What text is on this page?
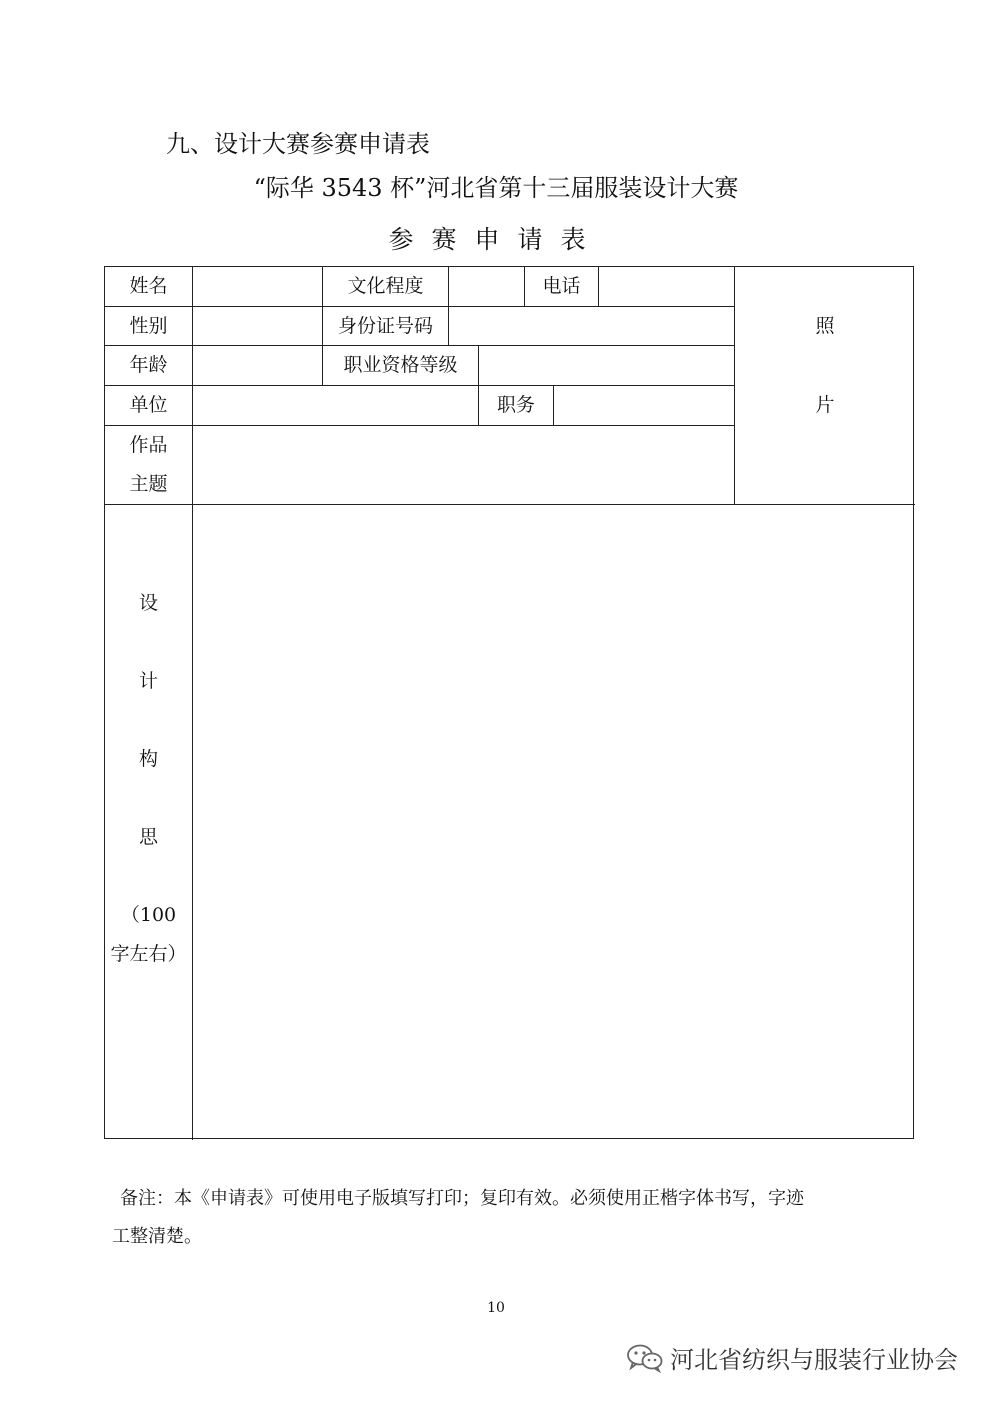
九、设计大赛参赛申请表
“际华 3543 杯”河北省第十三届服装设计大赛
参赛申请表
姓名	文化程度	电话
性别	身份证号码
年龄	职业资格等级
单位	职务
作品
主题
照
片
设
计
构
思
（100
字左右）
备注：本《申请表》可使用电子版填写打印；复印有效。必须使用正楷字体书写，字迹
工整清楚。
10
河北省纺织与服装行业协会
